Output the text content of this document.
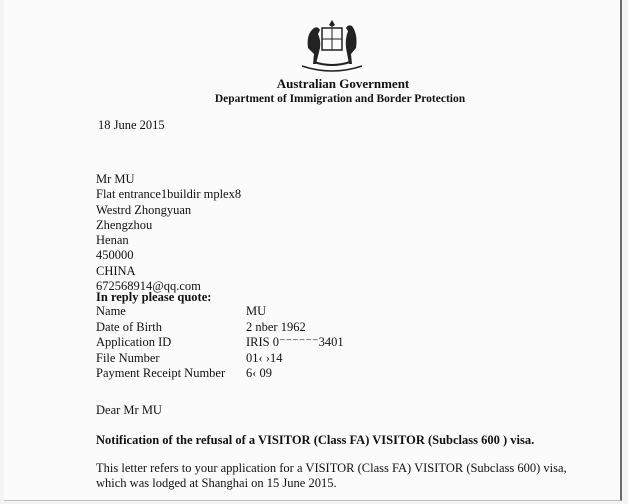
Australian Government
Department of Immigration and Border Protection
18 June 2015
Mr MU
Flat entrance1buildir mplex8
Westrd Zhongyuan
Zhengzhou
Henan
450000
CHINA
672568914@qq.com
In reply please quote:
Name	MU
Date of Birth	2 nber 1962
Application ID	IRIS 0⁻⁻⁻⁻⁻⁻3401
File Number	01‹ ›14
Payment Receipt Number 6‹ 09
Dear Mr MU
Notification of the refusal of a VISITOR (Class FA) VISITOR (Subclass 600 ) visa.
This letter refers to your application for a VISITOR (Class FA) VISITOR (Subclass 600) visa, which was lodged at Shanghai on 15 June 2015.
